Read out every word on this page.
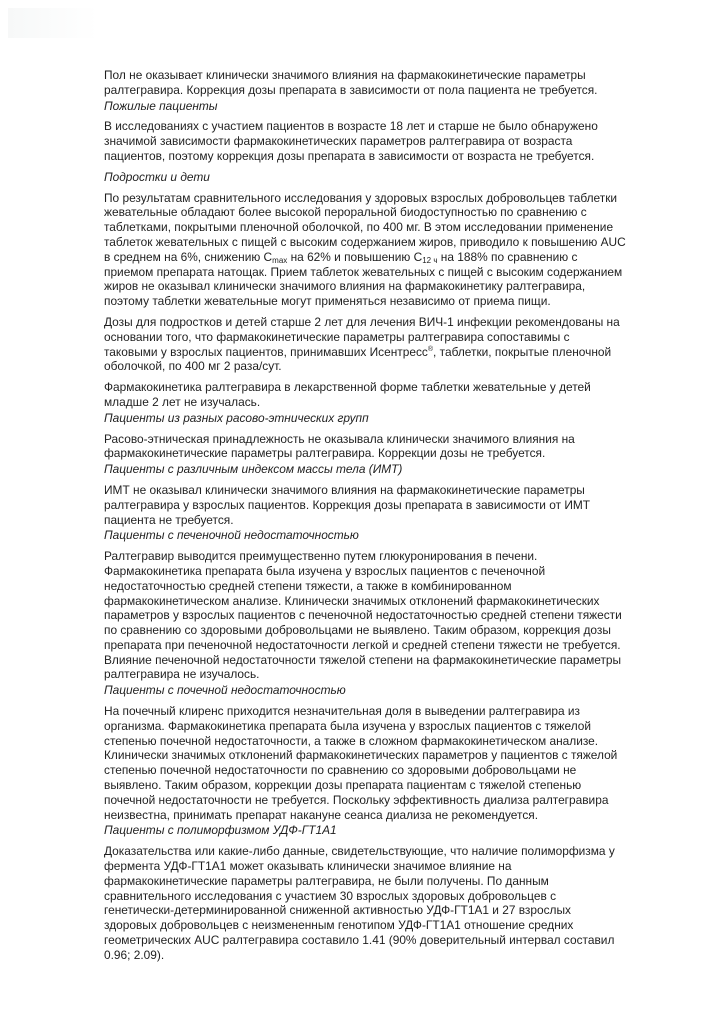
Пол не оказывает клинически значимого влияния на фармакокинетические параметры ралтегравира. Коррекция дозы препарата в зависимости от пола пациента не требуется.

Пожилые пациенты

В исследованиях с участием пациентов в возрасте 18 лет и старше не было обнаружено значимой зависимости фармакокинетических параметров ралтегравира от возраста пациентов, поэтому коррекция дозы препарата в зависимости от возраста не требуется.

Подростки и дети

По результатам сравнительного исследования у здоровых взрослых добровольцев таблетки жевательные обладают более высокой пероральной биодоступностью по сравнению с таблетками, покрытыми пленочной оболочкой, по 400 мг. В этом исследовании применение таблеток жевательных с пищей с высоким содержанием жиров, приводило к повышению AUC в среднем на 6%, снижению $C_{max}$ на 62% и повышению $C_{12 ч}$ на 188% по сравнению с приемом препарата натощак. Прием таблеток жевательных с пищей с высоким содержанием жиров не оказывал клинически значимого влияния на фармакокинетику ралтегравира, поэтому таблетки жевательные могут применяться независимо от приема пищи.

Дозы для подростков и детей старше 2 лет для лечения ВИЧ-1 инфекции рекомендованы на основании того, что фармакокинетические параметры ралтегравира сопоставимы с таковыми у взрослых пациентов, принимавших Исентресс®, таблетки, покрытые пленочной оболочкой, по 400 мг 2 раза/сут.

Фармакокинетика ралтегравира в лекарственной форме таблетки жевательные у детей младше 2 лет не изучалась.

Пациенты из разных расово-этнических групп

Расово-этническая принадлежность не оказывала клинически значимого влияния на фармакокинетические параметры ралтегравира. Коррекции дозы не требуется.

Пациенты с различным индексом массы тела (ИМТ)

ИМТ не оказывал клинически значимого влияния на фармакокинетические параметры ралтегравира у взрослых пациентов. Коррекция дозы препарата в зависимости от ИМТ пациента не требуется.

Пациенты с печеночной недостаточностью

Ралтегравир выводится преимущественно путем глюкуронирования в печени. Фармакокинетика препарата была изучена у взрослых пациентов с печеночной недостаточностью средней степени тяжести, а также в комбинированном фармакокинетическом анализе. Клинически значимых отклонений фармакокинетических параметров у взрослых пациентов с печеночной недостаточностью средней степени тяжести по сравнению со здоровыми добровольцами не выявлено. Таким образом, коррекция дозы препарата при печеночной недостаточности легкой и средней степени тяжести не требуется. Влияние печеночной недостаточности тяжелой степени на фармакокинетические параметры ралтегравира не изучалось.

Пациенты с почечной недостаточностью

На почечный клиренс приходится незначительная доля в выведении ралтегравира из организма. Фармакокинетика препарата была изучена у взрослых пациентов с тяжелой степенью почечной недостаточности, а также в сложном фармакокинетическом анализе. Клинически значимых отклонений фармакокинетических параметров у пациентов с тяжелой степенью почечной недостаточности по сравнению со здоровыми добровольцами не выявлено. Таким образом, коррекции дозы препарата пациентам с тяжелой степенью почечной недостаточности не требуется. Поскольку эффективность диализа ралтегравира неизвестна, принимать препарат накануне сеанса диализа не рекомендуется.

Пациенты с полиморфизмом УДФ-ГТ1А1

Доказательства или какие-либо данные, свидетельствующие, что наличие полиморфизма у фермента УДФ-ГТ1А1 может оказывать клинически значимое влияние на фармакокинетические параметры ралтегравира, не были получены. По данным сравнительного исследования с участием 30 взрослых здоровых добровольцев с генетически-детерминированной сниженной активностью УДФ-ГТ1А1 и 27 взрослых здоровых добровольцев с неизмененным генотипом УДФ-ГТ1А1 отношение средних геометрических AUC ралтегравира составило 1.41 (90% доверительный интервал составил 0.96; 2.09).
